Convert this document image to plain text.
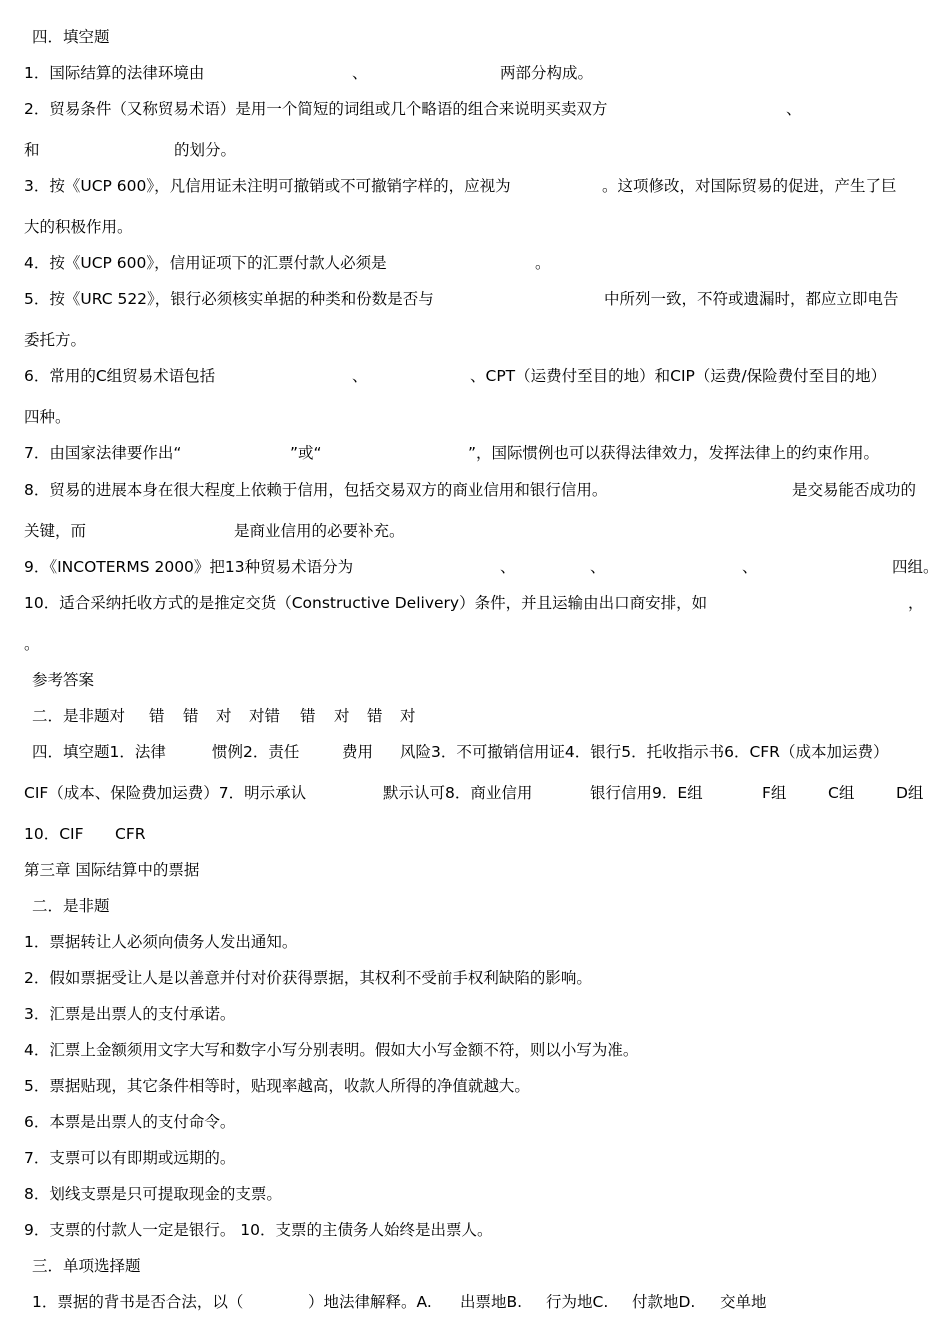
四．填空题
1．国际结算的法律环境由	、	两部分构成。
2．贸易条件（又称贸易术语）是用一个简短的词组或几个略语的组合来说明买卖双方	、
和	的划分。
3．按《UCP 600》，凡信用证未注明可撤销或不可撤销字样的，应视为	。这项修改，对国际贸易的促进，产生了巨
大的积极作用。
4．按《UCP 600》，信用证项下的汇票付款人必须是	。
5．按《URC 522》，银行必须核实单据的种类和份数是否与	中所列一致，不符或遗漏时，都应立即电告
委托方。
6．常用的C组贸易术语包括	、	、CPT（运费付至目的地）和CIP（运费/保险费付至目的地）
四种。
7．由国家法律要作出“	”或“	”，国际惯例也可以获得法律效力，发挥法律上的约束作用。
8．贸易的进展本身在很大程度上依赖于信用，包括交易双方的商业信用和银行信用。	是交易能否成功的
关键，而	是商业信用的必要补充。
9．《INCOTERMS 2000》把13种贸易术语分为	、	、	、	四组。
10．适合采纳托收方式的是推定交货（Constructive Delivery）条件，并且运输由出口商安排，如	，
。
参考答案
二．是非题对 错 错 对 对错 错 对 错 对
四．填空题1．法律	惯例2．责任	费用 风险3．不可撤销信用证4．银行5．托收指示书6．CFR（成本加运费）
CIF（成本、保险费加运费）7．明示承认	默示认可8．商业信用	银行信用9．E组	F组	C组	D组
10．CIF CFR
第三章 国际结算中的票据
二．是非题
1．票据转让人必须向债务人发出通知。
2．假如票据受让人是以善意并付对价获得票据，其权利不受前手权利缺陷的影响。
3．汇票是出票人的支付承诺。
4．汇票上金额须用文字大写和数字小写分别表明。假如大小写金额不符，则以小写为准。
5．票据贴现，其它条件相等时，贴现率越高，收款人所得的净值就越大。
6．本票是出票人的支付命令。
7．支票可以有即期或远期的。
8．划线支票是只可提取现金的支票。
9．支票的付款人一定是银行。 10．支票的主债务人始终是出票人。
三．单项选择题
1．票据的背书是否合法，以（	）地法律解释。A. 出票地B. 行为地C. 付款地D. 交单地
